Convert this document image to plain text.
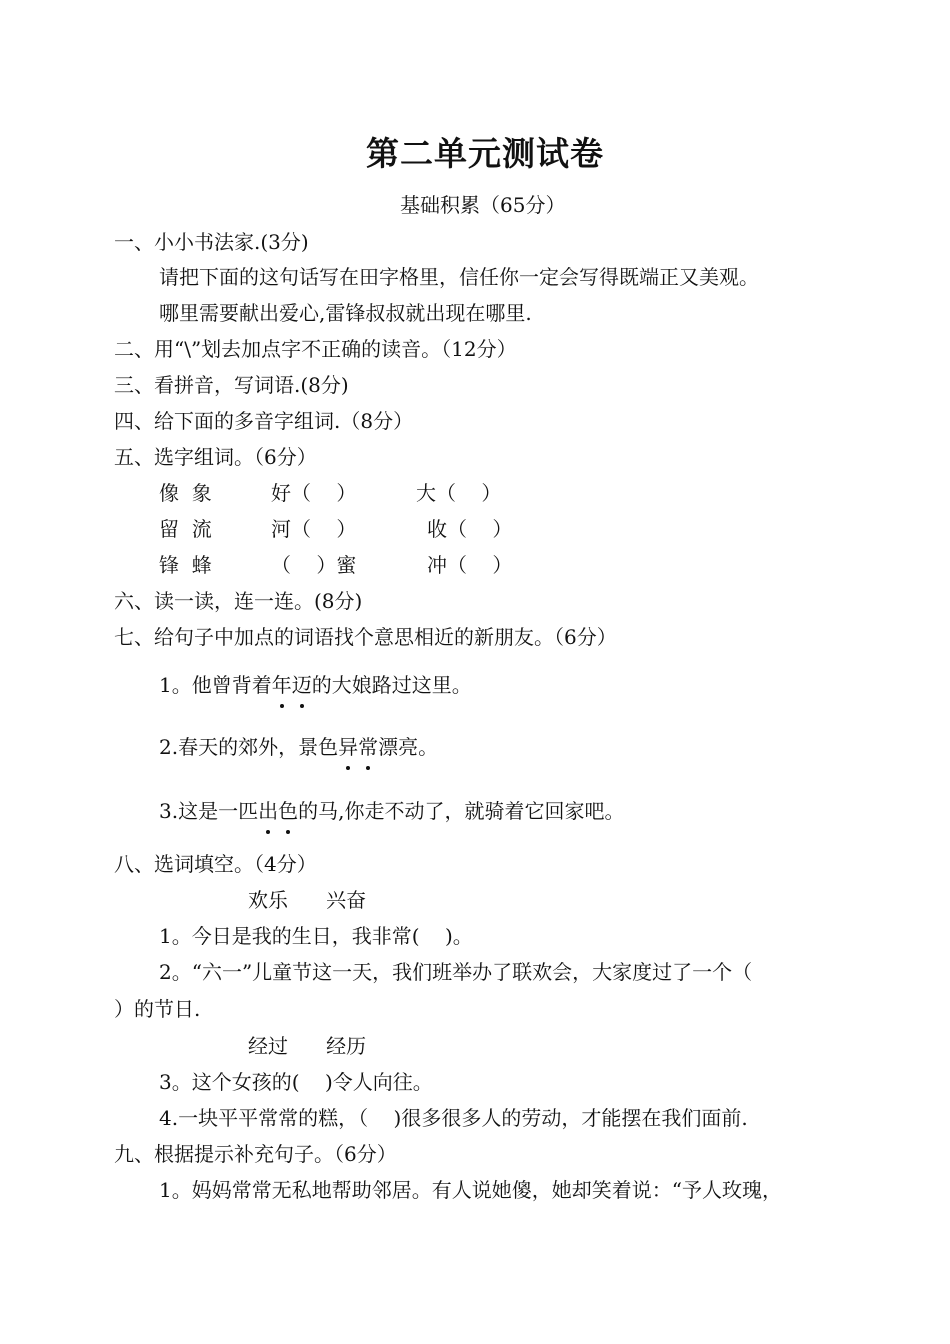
第二单元测试卷
基础积累（65分）
一、小小书法家.(3分)
请把下面的这句话写在田字格里，信任你一定会写得既端正又美观。
哪里需要献出爱心,雷锋叔叔就出现在哪里.
二、用“\”划去加点字不正确的读音。（12分）
三、看拼音，写词语.(8分)
四、给下面的多音字组词.（8分）
五、选字组词。（6分）
像  象	好（    ）	大（    ）
留  流	河（    ）	收（    ）
锋  蜂	（    ）蜜	冲（    ）
六、读一读，连一连。(8分)
七、给句子中加点的词语找个意思相近的新朋友。（6分）
1。他曾背着年迈的大娘路过这里。
2.春天的郊外，景色异常漂亮。
3.这是一匹出色的马,你走不动了，就骑着它回家吧。
八、选词填空。（4分）
欢乐      兴奋
1。今日是我的生日，我非常(    )。
2。“六一”儿童节这一天，我们班举办了联欢会，大家度过了一个（
）的节日.
经过      经历
3。这个女孩的(    )令人向往。
4.一块平平常常的糕，（    )很多很多人的劳动，才能摆在我们面前.
九、根据提示补充句子。（6分）
1。妈妈常常无私地帮助邻居。有人说她傻，她却笑着说：“予人玫瑰，
